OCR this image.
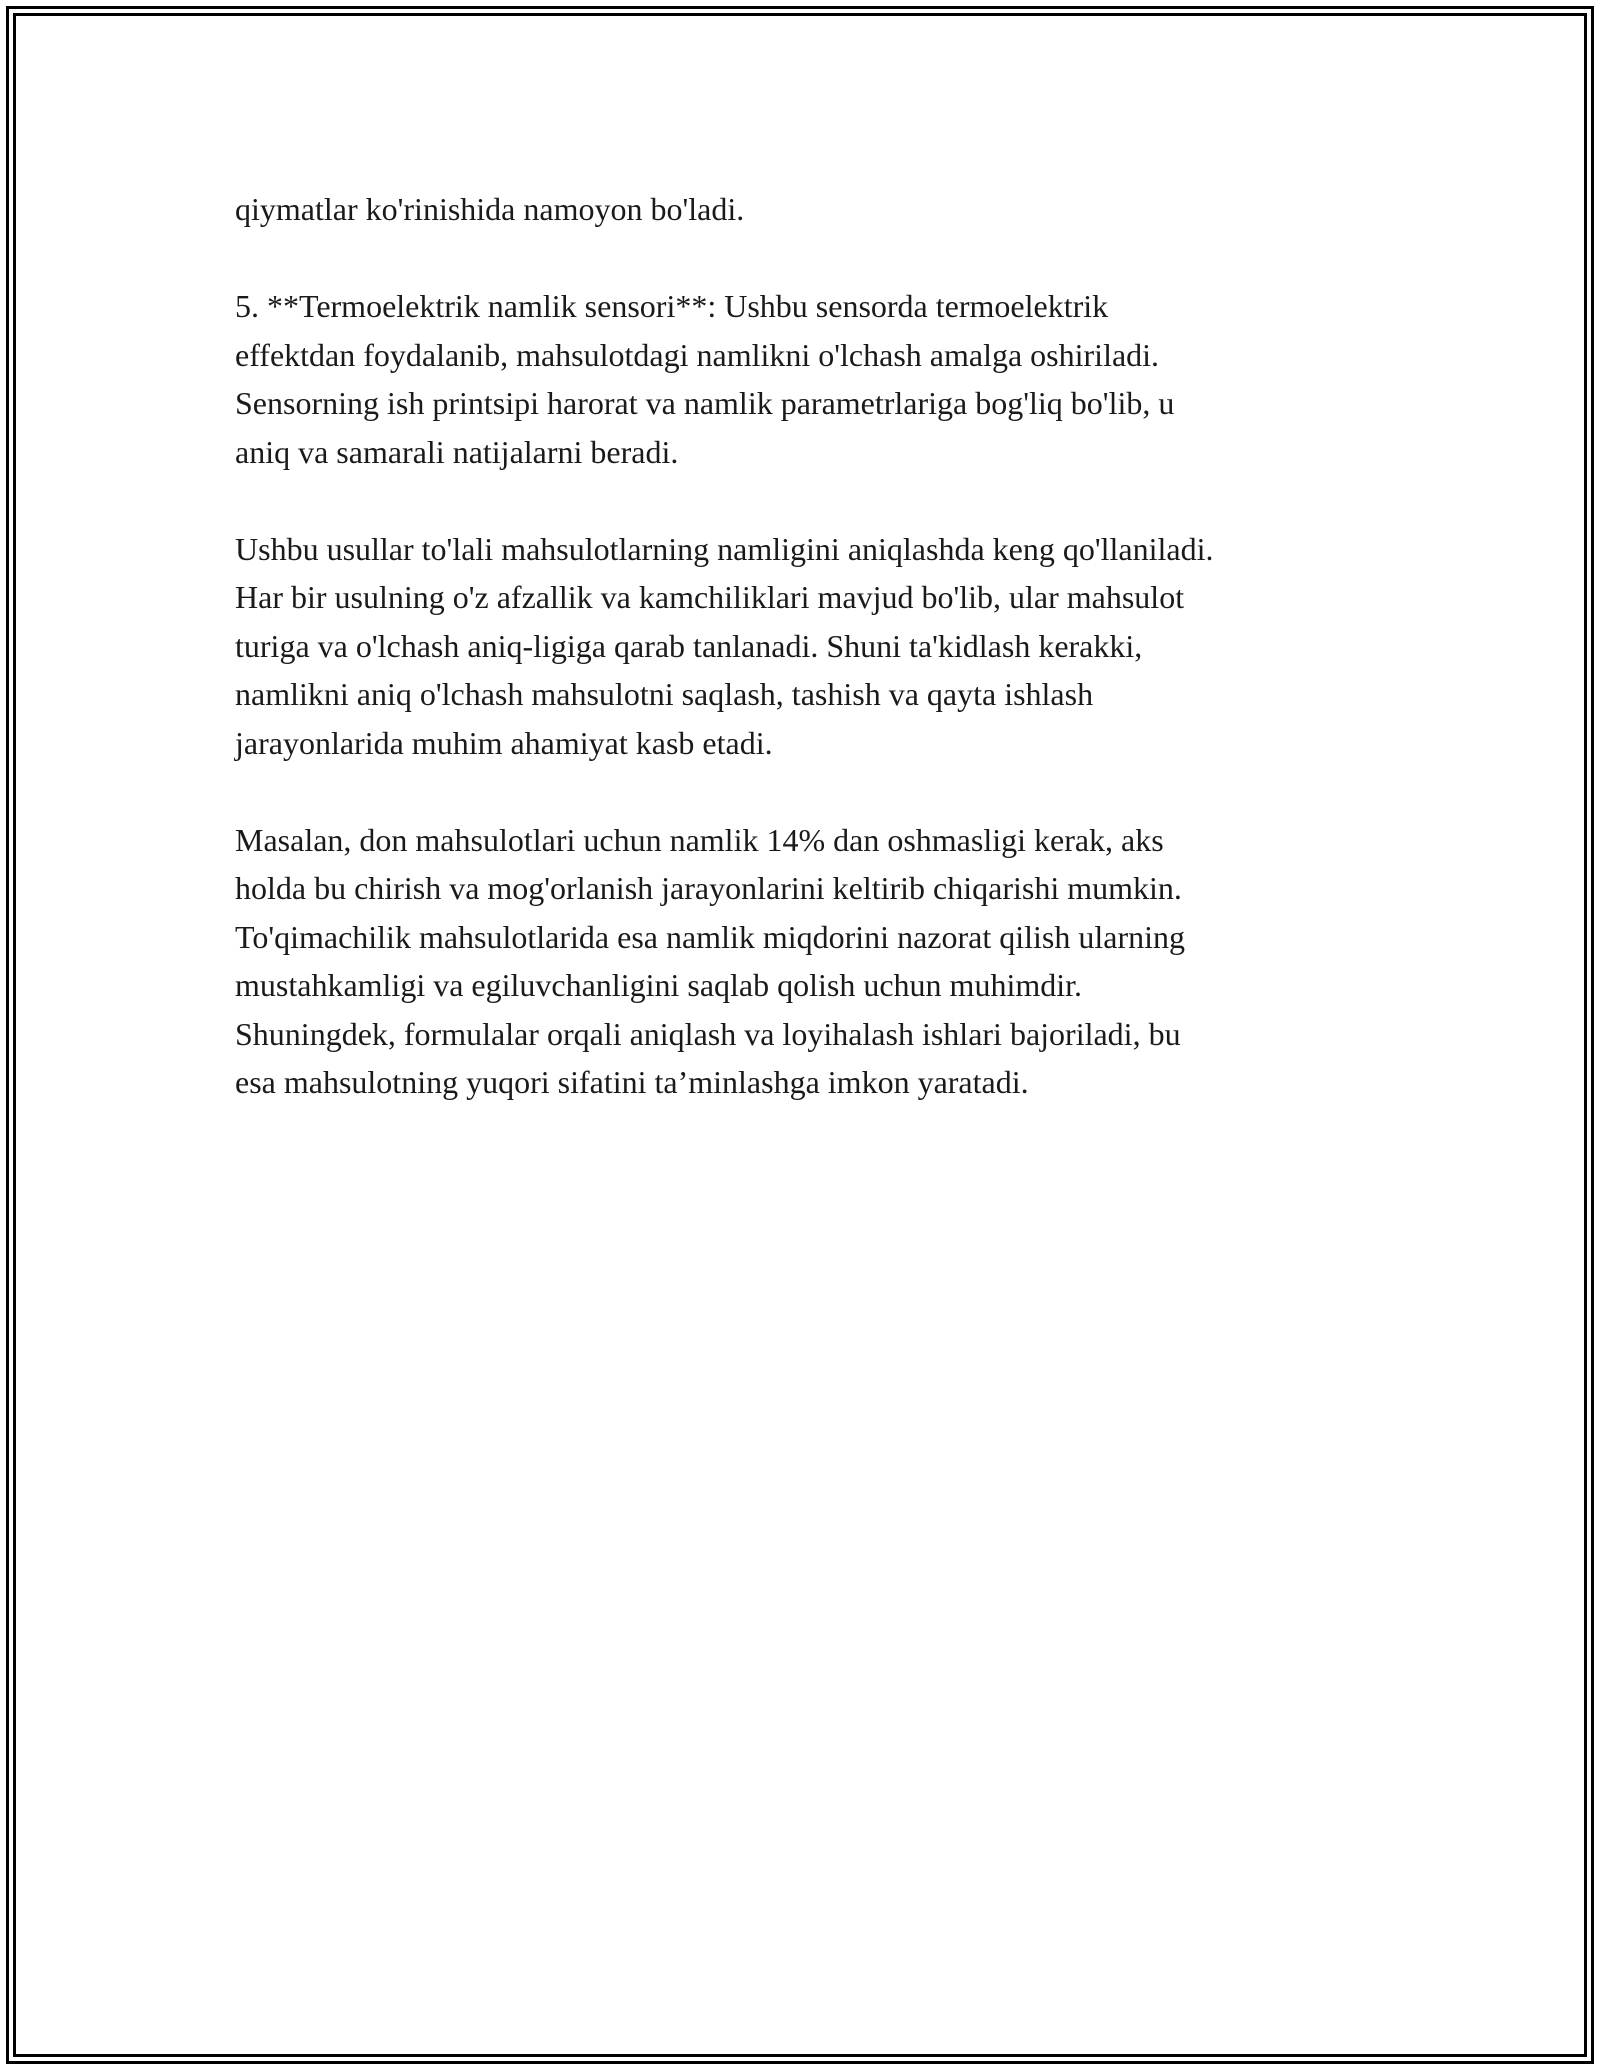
qiymatlar ko'rinishida namoyon bo'ladi.

5. **Termoelektrik namlik sensori**: Ushbu sensorda termoelektrik
effektdan foydalanib, mahsulotdagi namlikni o'lchash amalga oshiriladi.
Sensorning ish printsipi harorat va namlik parametrlariga bog'liq bo'lib, u
aniq va samarali natijalarni beradi.

Ushbu usullar to'lali mahsulotlarning namligini aniqlashda keng qo'llaniladi.
Har bir usulning o'z afzallik va kamchiliklari mavjud bo'lib, ular mahsulot
turiga va o'lchash aniq-ligiga qarab tanlanadi. Shuni ta'kidlash kerakki,
namlikni aniq o'lchash mahsulotni saqlash, tashish va qayta ishlash
jarayonlarida muhim ahamiyat kasb etadi.

Masalan, don mahsulotlari uchun namlik 14% dan oshmasligi kerak, aks
holda bu chirish va mog'orlanish jarayonlarini keltirib chiqarishi mumkin.
To'qimachilik mahsulotlarida esa namlik miqdorini nazorat qilish ularning
mustahkamligi va egiluvchanligini saqlab qolish uchun muhimdir.
Shuningdek, formulalar orqali aniqlash va loyihalash ishlari bajoriladi, bu
esa mahsulotning yuqori sifatini ta’minlashga imkon yaratadi.
